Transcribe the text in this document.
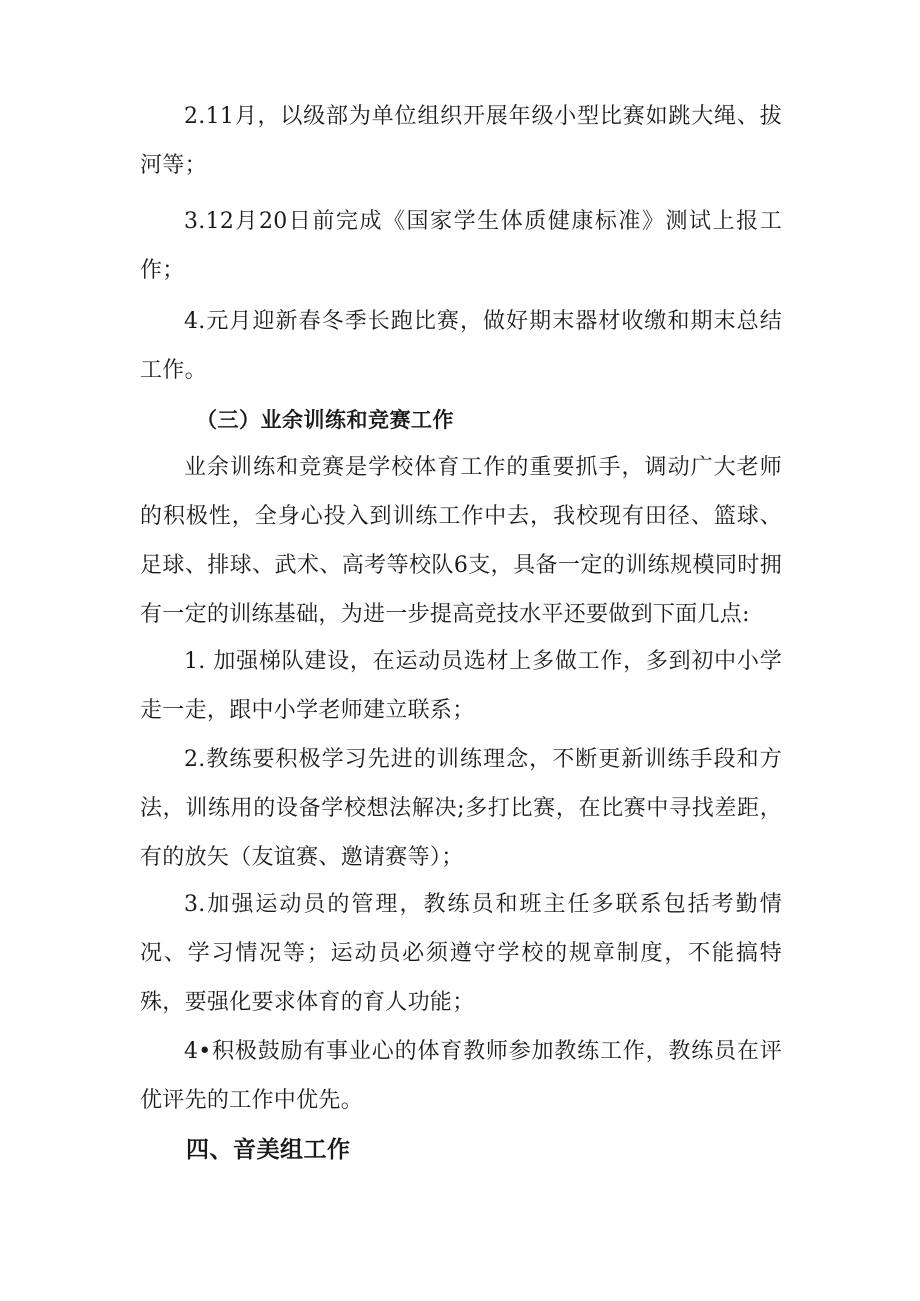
2.11月，以级部为单位组织开展年级小型比赛如跳大绳、拔河等；

3.12月20日前完成《国家学生体质健康标准》测试上报工作；

4.元月迎新春冬季长跑比赛，做好期末器材收缴和期末总结工作。

（三）业余训练和竞赛工作

业余训练和竞赛是学校体育工作的重要抓手，调动广大老师的积极性，全身心投入到训练工作中去，我校现有田径、篮球、足球、排球、武术、高考等校队6支，具备一定的训练规模同时拥有一定的训练基础，为进一步提高竞技水平还要做到下面几点:

1. 加强梯队建设，在运动员选材上多做工作，多到初中小学走一走，跟中小学老师建立联系；

2.教练要积极学习先进的训练理念，不断更新训练手段和方法，训练用的设备学校想法解决;多打比赛，在比赛中寻找差距，有的放矢（友谊赛、邀请赛等）；

3.加强运动员的管理，教练员和班主任多联系包括考勤情况、学习情况等；运动员必须遵守学校的规章制度，不能搞特殊，要强化要求体育的育人功能；

4•积极鼓励有事业心的体育教师参加教练工作，教练员在评优评先的工作中优先。

四、音美组工作
